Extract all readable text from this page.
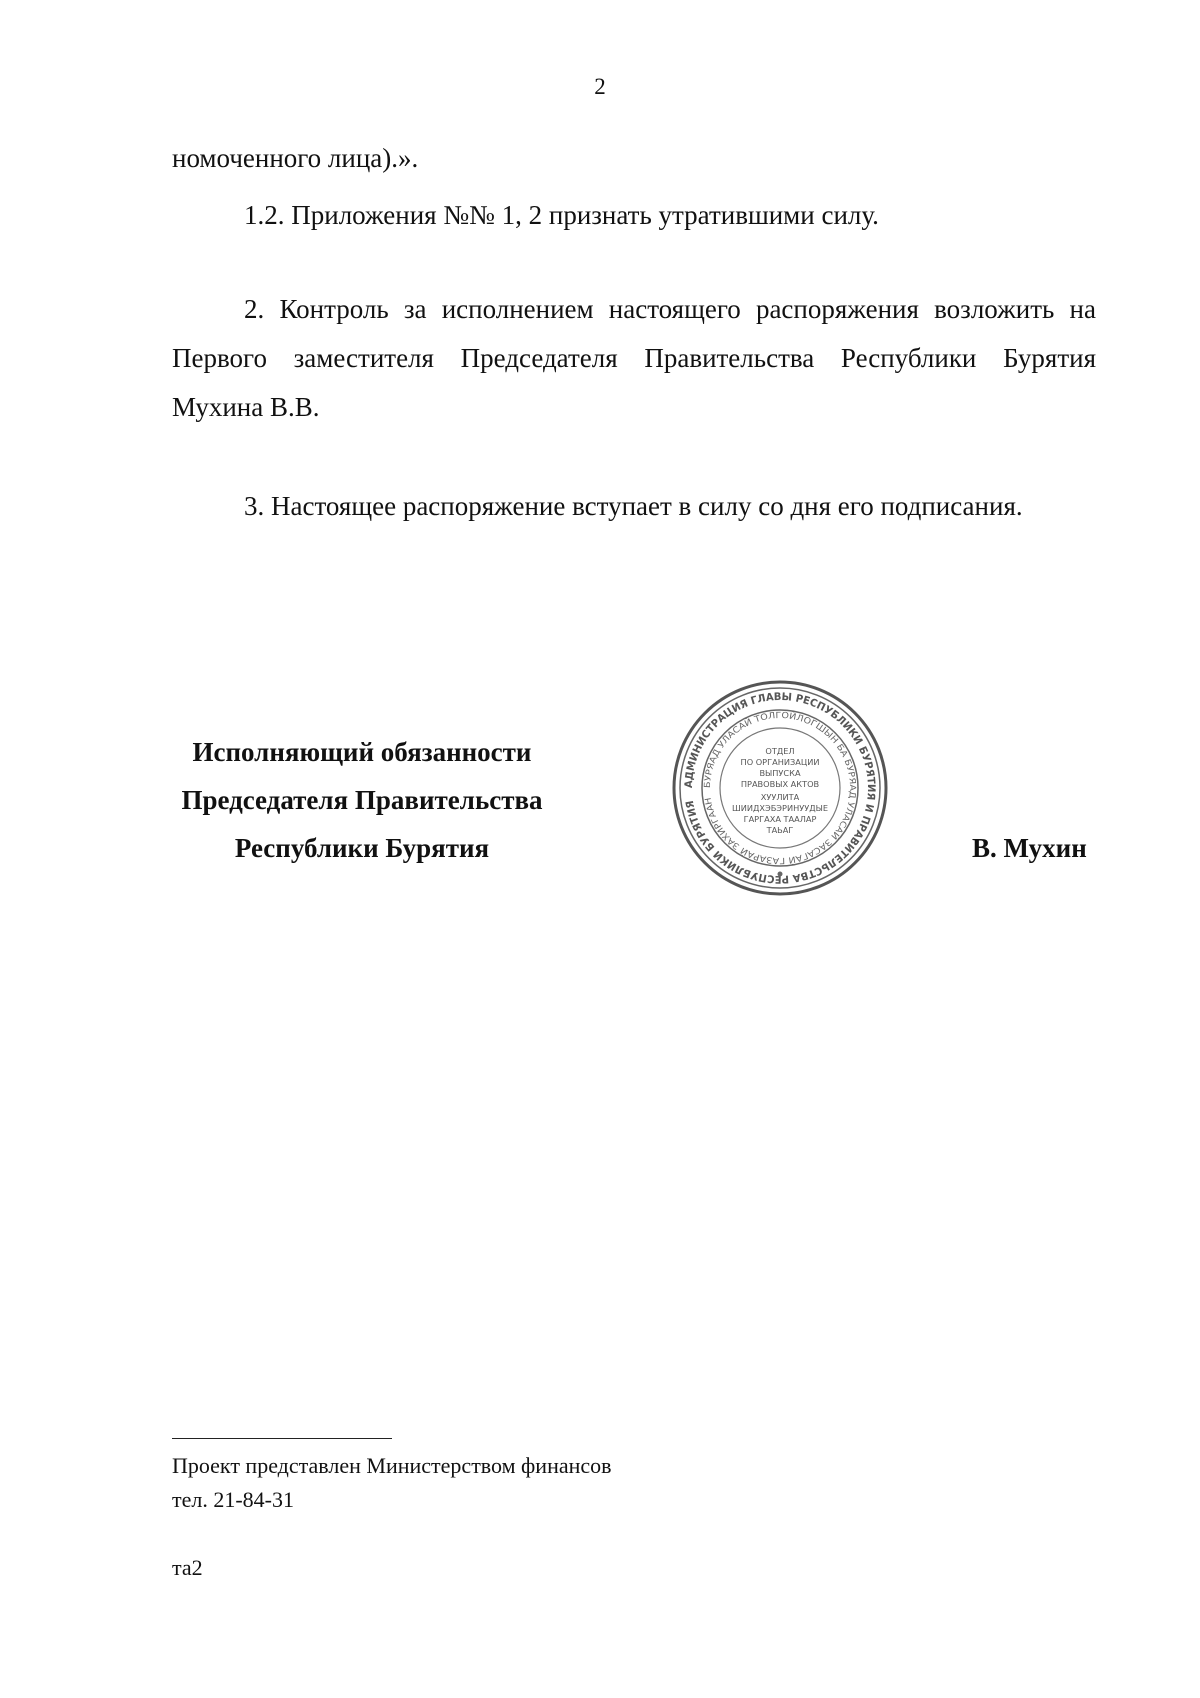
2
номоченного лица).».
1.2. Приложения №№ 1, 2 признать утратившими силу.
2. Контроль за исполнением настоящего распоряжения возложить на
Первого заместителя Председателя Правительства Республики Бурятия
Мухина В.В.
3. Настоящее распоряжение вступает в силу со дня его подписания.
Исполняющий обязанности
Председателя Правительства
Республики Бурятия	В. Мухин
АДМИНИСТРАЦИЯ ГЛАВЫ РЕСПУБЛИКИ БУРЯТИЯ И ПРАВИТЕЛЬСТВА РЕСПУБЛИКИ БУРЯТИЯ
БУРЯАД УЛАСАЙ ТОЛГОЙЛОГШЫН БА БУРЯАД УЛАСАЙ ЗАСАГАЙ ГАЗАРАЙ ЗАХИРГААН
ОТДЕЛ
ПО ОРГАНИЗАЦИИ
ВЫПУСКА
ПРАВОВЫХ АКТОВ
ХУУЛИТА
ШИИДХЭБЭРИНУУДЫЕ
ГАРГАХА ТААЛАР
ТАЬАГ
Проект представлен Министерством финансов
тел. 21-84-31
та2
